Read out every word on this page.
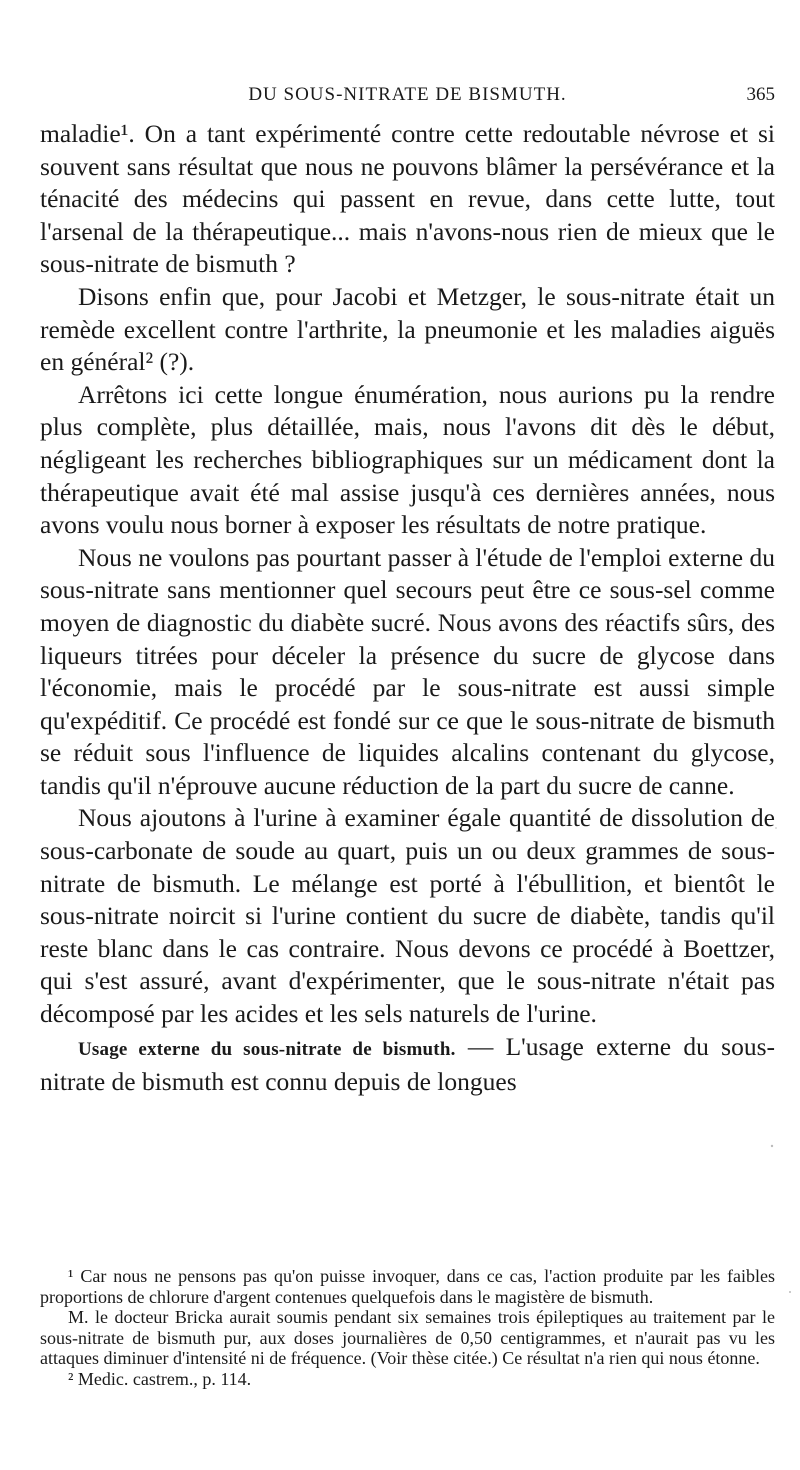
DU SOUS-NITRATE DE BISMUTH.	365

maladie¹. On a tant expérimenté contre cette redoutable névrose et si souvent sans résultat que nous ne pouvons blâmer la persévérance et la ténacité des médecins qui passent en revue, dans cette lutte, tout l'arsenal de la thérapeutique... mais n'avons-nous rien de mieux que le sous-nitrate de bismuth ?

Disons enfin que, pour Jacobi et Metzger, le sous-nitrate était un remède excellent contre l'arthrite, la pneumonie et les maladies aiguës en général² (?).

Arrêtons ici cette longue énumération, nous aurions pu la rendre plus complète, plus détaillée, mais, nous l'avons dit dès le début, négligeant les recherches bibliographiques sur un médicament dont la thérapeutique avait été mal assise jusqu'à ces dernières années, nous avons voulu nous borner à exposer les résultats de notre pratique.

Nous ne voulons pas pourtant passer à l'étude de l'emploi externe du sous-nitrate sans mentionner quel secours peut être ce sous-sel comme moyen de diagnostic du diabète sucré. Nous avons des réactifs sûrs, des liqueurs titrées pour déceler la présence du sucre de glycose dans l'économie, mais le procédé par le sous-nitrate est aussi simple qu'expéditif. Ce procédé est fondé sur ce que le sous-nitrate de bismuth se réduit sous l'influence de liquides alcalins contenant du glycose, tandis qu'il n'éprouve aucune réduction de la part du sucre de canne.

Nous ajoutons à l'urine à examiner égale quantité de dissolution de sous-carbonate de soude au quart, puis un ou deux grammes de sous-nitrate de bismuth. Le mélange est porté à l'ébullition, et bientôt le sous-nitrate noircit si l'urine contient du sucre de diabète, tandis qu'il reste blanc dans le cas contraire. Nous devons ce procédé à Boettzer, qui s'est assuré, avant d'expérimenter, que le sous-nitrate n'était pas décomposé par les acides et les sels naturels de l'urine.

Usage externe du sous-nitrate de bismuth. — L'usage externe du sous-nitrate de bismuth est connu depuis de longues

¹ Car nous ne pensons pas qu'on puisse invoquer, dans ce cas, l'action produite par les faibles proportions de chlorure d'argent contenues quelquefois dans le magistère de bismuth.

M. le docteur Bricka aurait soumis pendant six semaines trois épileptiques au traitement par le sous-nitrate de bismuth pur, aux doses journalières de 0,50 centigrammes, et n'aurait pas vu les attaques diminuer d'intensité ni de fréquence. (Voir thèse citée.) Ce résultat n'a rien qui nous étonne.

² Medic. castrem., p. 114.
